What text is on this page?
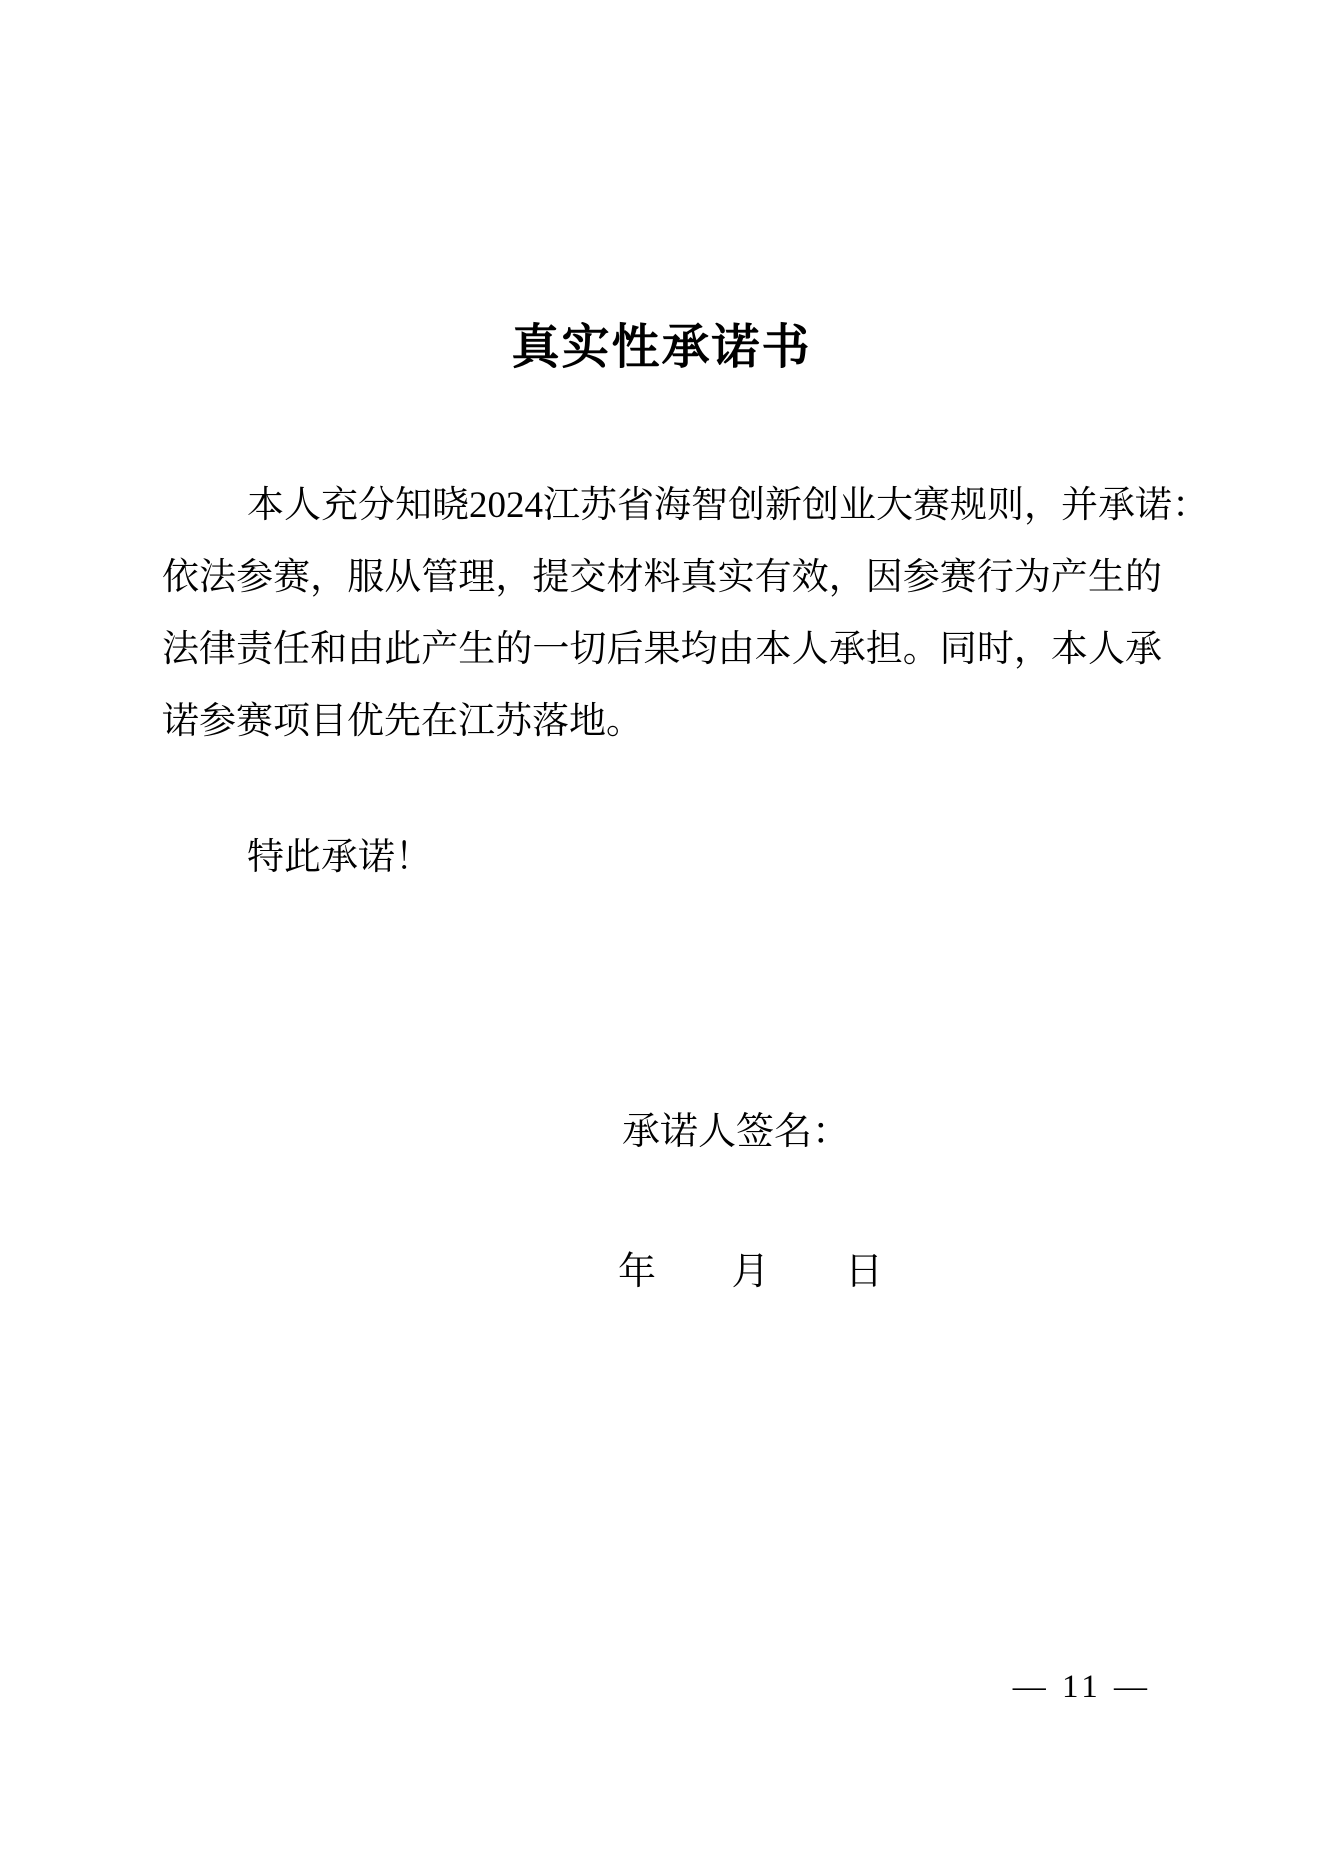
真实性承诺书
本人充分知晓2024江苏省海智创新创业大赛规则，并承诺：
依法参赛，服从管理，提交材料真实有效，因参赛行为产生的
法律责任和由此产生的一切后果均由本人承担。同时，本人承
诺参赛项目优先在江苏落地。
特此承诺！
承诺人签名：
年 月 日
— 11 —
